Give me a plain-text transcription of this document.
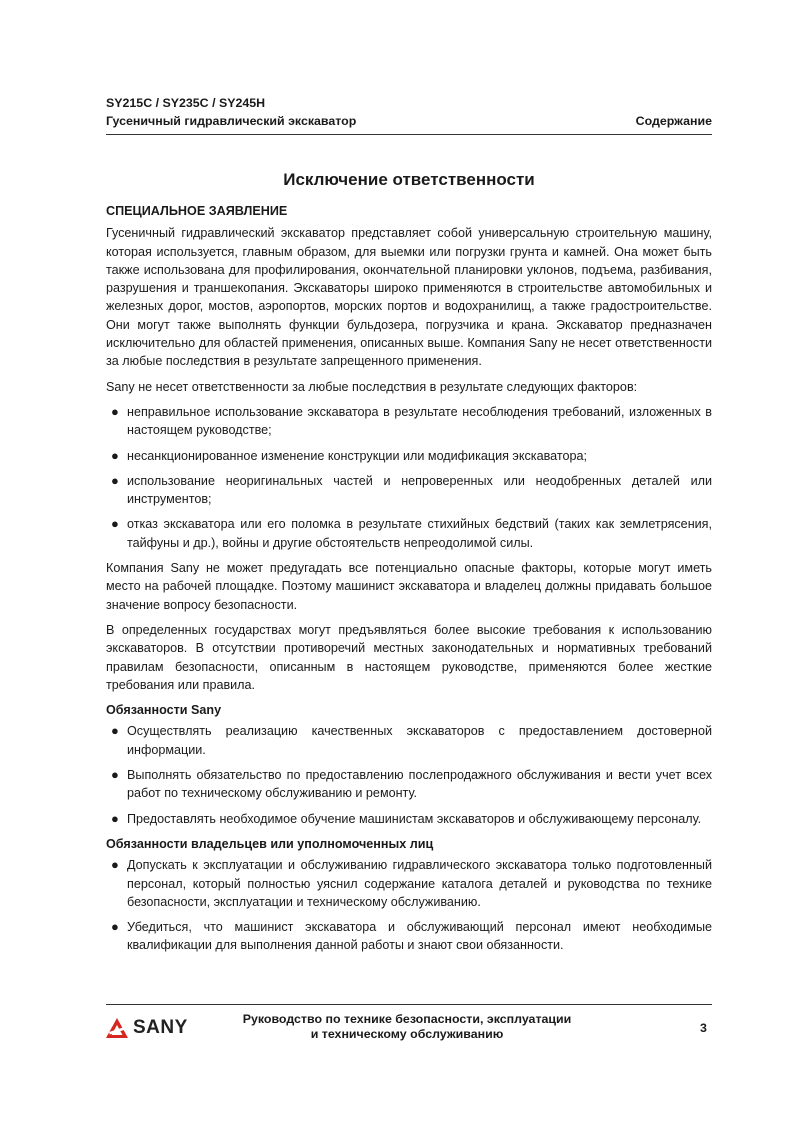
SY215C / SY235C / SY245H
Гусеничный гидравлический экскаватор	Содержание
Исключение ответственности
СПЕЦИАЛЬНОЕ ЗАЯВЛЕНИЕ

Гусеничный гидравлический экскаватор представляет собой универсальную строительную машину, которая используется, главным образом, для выемки или погрузки грунта и камней. Она может быть также использована для профилирования, окончательной планировки уклонов, подъема, разбивания, разрушения и траншекопания. Экскаваторы широко применяются в строительстве автомобильных и железных дорог, мостов, аэропортов, морских портов и водохранилищ, а также градостроительстве. Они могут также выполнять функции бульдозера, погрузчика и крана. Экскаватор предназначен исключительно для областей применения, описанных выше. Компания Sany не несет ответственности за любые последствия в результате запрещенного применения.

Sany не несет ответственности за любые последствия в результате следующих факторов:

● неправильное использование экскаватора в результате несоблюдения требований, изложенных в настоящем руководстве;
● несанкционированное изменение конструкции или модификация экскаватора;
● использование неоригинальных частей и непроверенных или неодобренных деталей или инструментов;
● отказ экскаватора или его поломка в результате стихийных бедствий (таких как землетрясения, тайфуны и др.), войны и другие обстоятельств непреодолимой силы.

Компания Sany не может предугадать все потенциально опасные факторы, которые могут иметь место на рабочей площадке. Поэтому машинист экскаватора и владелец должны придавать большое значение вопросу безопасности.

В определенных государствах могут предъявляться более высокие требования к использованию экскаваторов. В отсутствии противоречий местных законодательных и нормативных требований правилам безопасности, описанным в настоящем руководстве, применяются более жесткие требования или правила.

Обязанности Sany
● Осуществлять реализацию качественных экскаваторов с предоставлением достоверной информации.
● Выполнять обязательство по предоставлению послепродажного обслуживания и вести учет всех работ по техническому обслуживанию и ремонту.
● Предоставлять необходимое обучение машинистам экскаваторов и обслуживающему персоналу.
Обязанности владельцев или уполномоченных лиц
● Допускать к эксплуатации и обслуживанию гидравлического экскаватора только подготовленный персонал, который полностью уяснил содержание каталога деталей и руководства по технике безопасности, эксплуатации и техническому обслуживанию.
● Убедиться, что машинист экскаватора и обслуживающий персонал имеют необходимые квалификации для выполнения данной работы и знают свои обязанности.
SANY	Руководство по технике безопасности, эксплуатации
и техническому обслуживанию	3
